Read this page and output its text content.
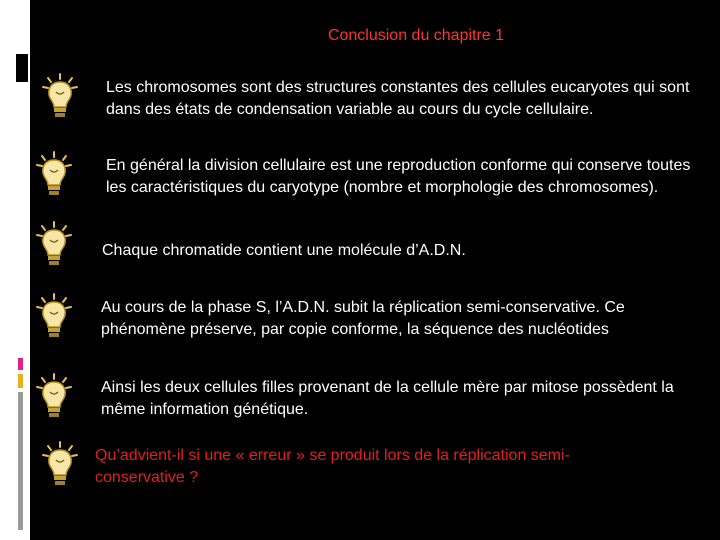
Conclusion du chapitre 1
Les chromosomes sont des structures constantes des cellules eucaryotes qui sont dans des états de condensation variable au cours du cycle cellulaire.
En général la division cellulaire est une reproduction conforme qui conserve toutes les caractéristiques du caryotype (nombre et morphologie des chromosomes).
Chaque chromatide contient une molécule d’A.D.N.
Au cours de la phase S, l’A.D.N. subit la réplication semi-conservative. Ce phénomène préserve, par copie conforme, la séquence des nucléotides
Ainsi les deux cellules filles provenant de la cellule mère par mitose possèdent la même information génétique.
Qu’advient-il si une « erreur » se produit lors de la réplication semi-conservative ?
